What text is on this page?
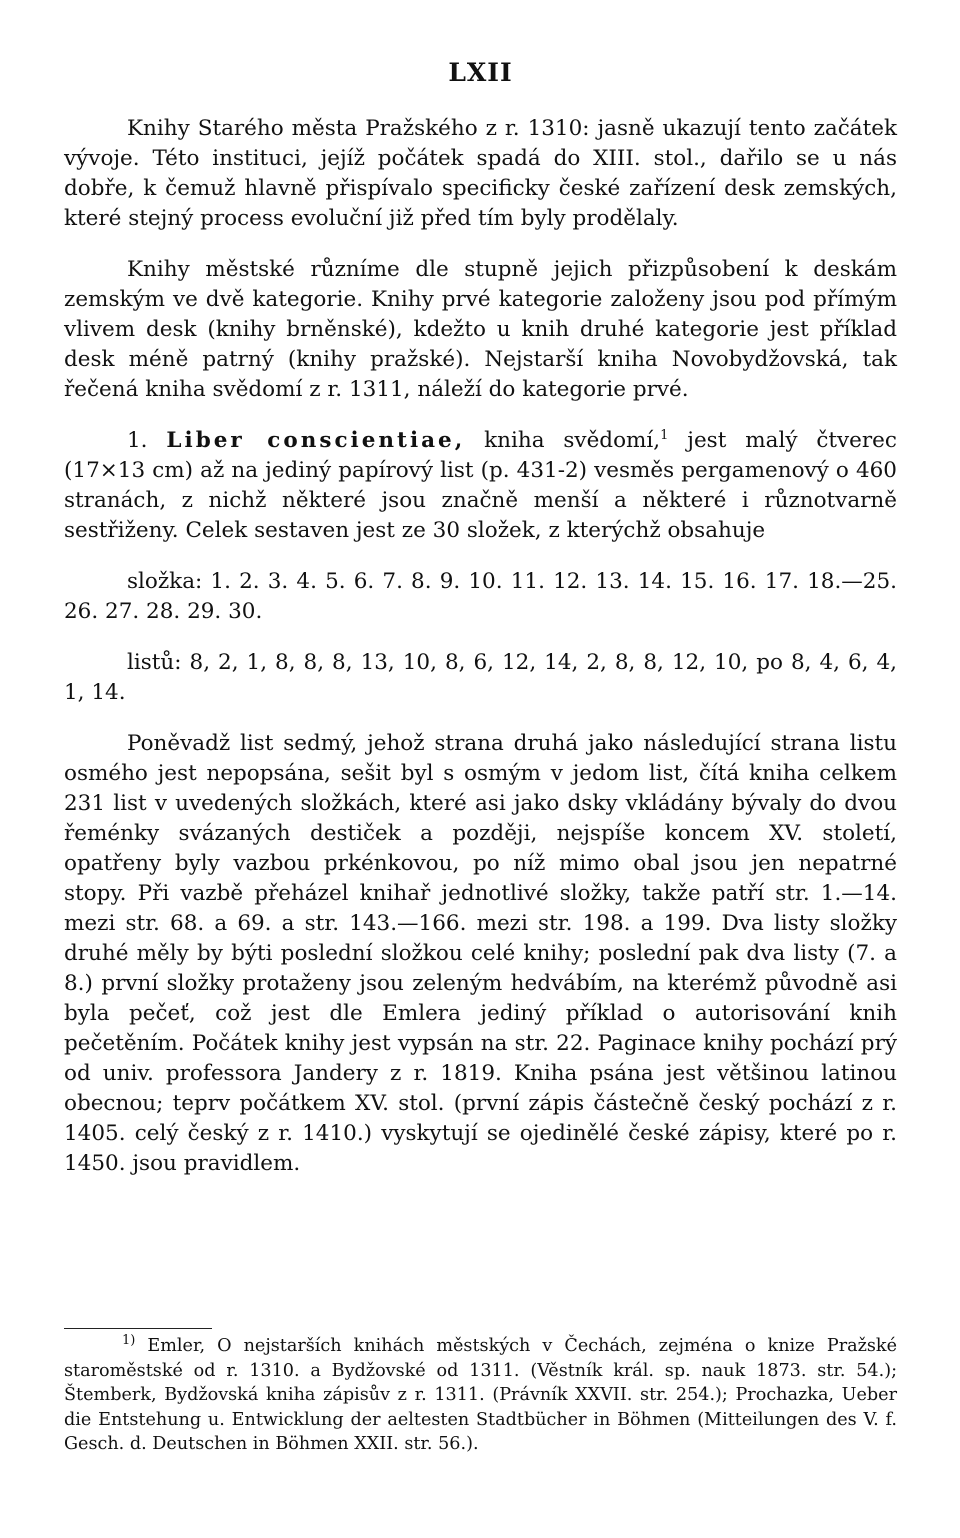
LXII

Knihy Starého města Pražského z r. 1310: jasně ukazují tento začátek vývoje. Této instituci, jejíž počátek spadá do XIII. stol., dařilo se u nás dobře, k čemuž hlavně přispívalo specificky české zařízení desk zemských, které stejný process evoluční již před tím byly prodělaly.

Knihy městské různíme dle stupně jejich přizpůsobení k deskám zemským ve dvě kategorie. Knihy prvé kategorie založeny jsou pod přímým vlivem desk (knihy brněnské), kdežto u knih druhé kategorie jest příklad desk méně patrný (knihy pražské). Nejstarší kniha Novobydžovská, tak řečená kniha svědomí z r. 1311, náleží do kategorie prvé.

1. Liber conscientiae, kniha svědomí,$^1$ jest malý čtverec (17×13 cm) až na jediný papírový list (p. 431-2) vesměs pergamenový o 460 stranách, z nichž některé jsou značně menší a některé i různotvarně sestřiženy. Celek sestaven jest ze 30 složek, z kterýchž obsahuje

složka: 1. 2. 3. 4. 5. 6. 7. 8. 9. 10. 11. 12. 13. 14. 15. 16. 17. 18.—25. 26. 27. 28. 29. 30.

listů: 8, 2, 1, 8, 8, 8, 13, 10, 8, 6, 12, 14, 2, 8, 8, 12, 10, po 8, 4, 6, 4, 1, 14.

Poněvadž list sedmý, jehož strana druhá jako následující strana listu osmého jest nepopsána, sešit byl s osmým v jedom list, čítá kniha celkem 231 list v uvedených složkách, které asi jako dsky vkládány bývaly do dvou řeménky svázaných destiček a později, nejspíše koncem XV. století, opatřeny byly vazbou prkénkovou, po níž mimo obal jsou jen nepatrné stopy. Při vazbě přeházel knihař jednotlivé složky, takže patří str. 1.—14. mezi str. 68. a 69. a str. 143.—166. mezi str. 198. a 199. Dva listy složky druhé měly by býti poslední složkou celé knihy; poslední pak dva listy (7. a 8.) první složky protaženy jsou zeleným hedvábím, na kterémž původně asi byla pečeť, což jest dle Emlera jediný příklad o autorisování knih pečetěním. Počátek knihy jest vypsán na str. 22. Paginace knihy pochází prý od univ. professora Jandery z r. 1819. Kniha psána jest většinou latinou obecnou; teprv počátkem XV. stol. (první zápis částečně český pochází z r. 1405. celý český z r. 1410.) vyskytují se ojedinělé české zápisy, které po r. 1450. jsou pravidlem.

$^{1)}$ Emler, O nejstarších knihách městských v Čechách, zejména o knize Pražské staroměstské od r. 1310. a Bydžovské od 1311. (Věstník král. sp. nauk 1873. str. 54.); Štemberk, Bydžovská kniha zápisův z r. 1311. (Právník XXVII. str. 254.); Prochazka, Ueber die Entstehung u. Entwicklung der aeltesten Stadtbücher in Böhmen (Mitteilungen des V. f. Gesch. d. Deutschen in Böhmen XXII. str. 56.).
